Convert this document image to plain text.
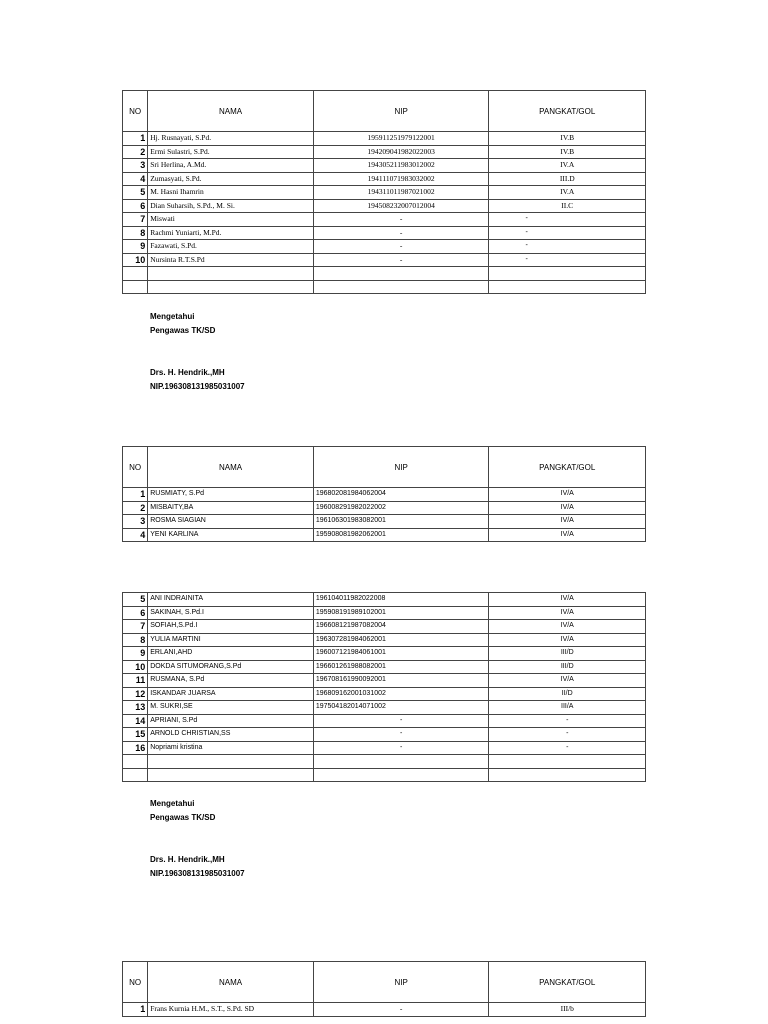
NO	NAMA	NIP	PANGKAT/GOL
1	Hj. Rusnayati, S.Pd.	195911251979122001	IV.B
2	Ermi Sulastri, S.Pd.	194209041982022003	IV.B
3	Sri Herlina, A.Md.	194305211983012002	IV.A
4	Zumasyati, S.Pd.	194111071983032002	III.D
5	M. Hasni Ihamrin	194311011987021002	IV.A
6	Dian Suharsih, S.Pd., M. Si.	194508232007012004	II.C
7	Miswati	-	-
8	Rachmi Yuniarti, M.Pd.	-	-
9	Fazawati, S.Pd.	-	-
10	Nursinta R.T.S.Pd	-	-

Mengetahui
Pengawas TK/SD
Drs. H. Hendrik.,MH
NIP.19630813198503​1007
NO	NAMA	NIP	PANGKAT/GOL
1	RUSMIATY, S.Pd	196802081984062004	IV/A
2	MISBAITY,BA	196008291982022002	IV/A
3	ROSMA SIAGIAN	196106301983082001	IV/A
4	YENI KARLINA	195908081982062001	IV/A
5	ANI INDRAINITA	196104011982022008	IV/A
6	SAKINAH, S.Pd.I	195908191989102001	IV/A
7	SOFIAH,S.Pd.I	196608121987082004	IV/A
8	YULIA MARTINI	196307281984062001	IV/A
9	ERLANI,AHD	196007121984061001	III/D
10	DOKDA SITUMORANG,S.Pd	196601261988082001	III/D
11	RUSMANA, S.Pd	196708161990092001	IV/A
12	ISKANDAR JUARSA	196809162001031002	II/D
13	M. SUKRI,SE	197504182014071002	III/A
14	APRIANI, S.Pd	-	-
15	ARNOLD CHRISTIAN,SS	-	-
16	Nopriami kristina	-	-

Mengetahui
Pengawas TK/SD
Drs. H. Hendrik.,MH
NIP.19630813198503​1007
NO	NAMA	NIP	PANGKAT/GOL
1	Frans Kurnia H.M., S.T., S.Pd. SD	-	III/b
